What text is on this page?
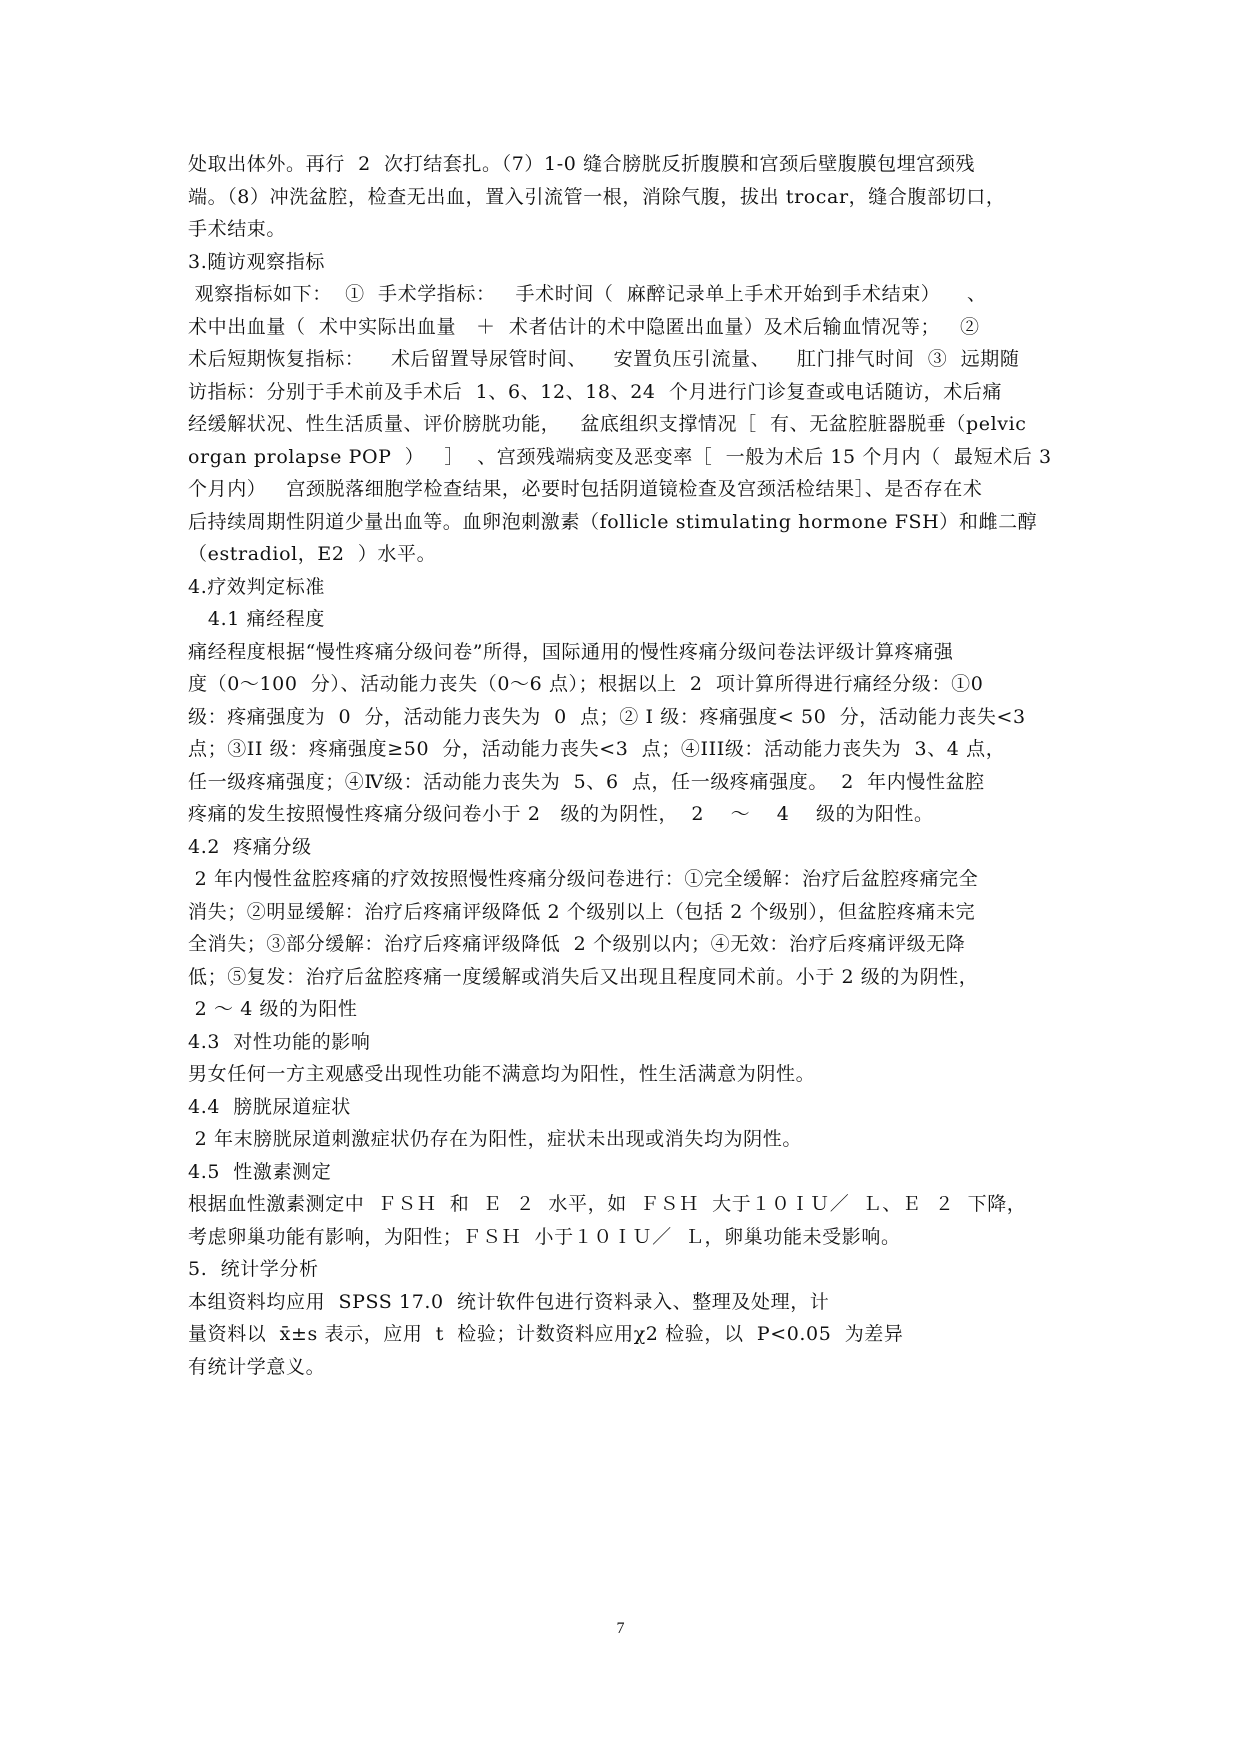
处取出体外。再行  2  次打结套扎。（7）1-0 缝合膀胱反折腹膜和宫颈后壁腹膜包埋宫颈残
端。（8）冲洗盆腔，检查无出血，置入引流管一根，消除气腹，拔出 trocar，缝合腹部切口，
手术结束。
3.随访观察指标
观察指标如下：  ①  手术学指标：   手术时间（  麻醉记录单上手术开始到手术结束）    、
术中出血量（  术中实际出血量   ＋  术者估计的术中隐匿出血量）及术后输血情况等；   ②
术后短期恢复指标：    术后留置导尿管时间、    安置负压引流量、    肛门排气时间  ③  远期随
访指标：分别于手术前及手术后  1、6、12、18、24  个月进行门诊复查或电话随访，术后痛
经缓解状况、性生活质量、评价膀胱功能，   盆底组织支撑情况［  有、无盆腔脏器脱垂（pelvic
organ prolapse POP  ）   ］  、宫颈残端病变及恶变率［  一般为术后 15 个月内（  最短术后 3
个月内）   宫颈脱落细胞学检查结果，必要时包括阴道镜检查及宫颈活检结果］、是否存在术
后持续周期性阴道少量出血等。血卵泡刺激素（follicle stimulating hormone FSH）和雌二醇
（estradiol，E2  ）水平。
4.疗效判定标准
4.1 痛经程度
痛经程度根据“慢性疼痛分级问卷”所得，国际通用的慢性疼痛分级问卷法评级计算疼痛强
度（0～100  分）、活动能力丧失（0～6 点）；根据以上  2  项计算所得进行痛经分级：①0
级：疼痛强度为  0  分，活动能力丧失为  0  点；② I 级：疼痛强度< 50  分，活动能力丧失<3
点；③II 级：疼痛强度≥50  分，活动能力丧失<3  点；④III级：活动能力丧失为  3、4 点，
任一级疼痛强度；④Ⅳ级：活动能力丧失为  5、6  点，任一级疼痛强度。  2  年内慢性盆腔
疼痛的发生按照慢性疼痛分级问卷小于 2   级的为阴性，  2    ～    4    级的为阳性。
4.2  疼痛分级
2 年内慢性盆腔疼痛的疗效按照慢性疼痛分级问卷进行：①完全缓解：治疗后盆腔疼痛完全
消失；②明显缓解：治疗后疼痛评级降低 2 个级别以上（包括 2 个级别），但盆腔疼痛未完
全消失；③部分缓解：治疗后疼痛评级降低  2 个级别以内；④无效：治疗后疼痛评级无降
低；⑤复发：治疗后盆腔疼痛一度缓解或消失后又出现且程度同术前。小于 2 级的为阴性，
2 ～ 4 级的为阳性
4.3  对性功能的影响
男女任何一方主观感受出现性功能不满意均为阳性，性生活满意为阴性。
4.4  膀胱尿道症状
2 年末膀胱尿道刺激症状仍存在为阳性，症状未出现或消失均为阴性。
4.5  性激素测定
根据血性激素测定中  ＦＳＨ  和  Ｅ  ２  水平，如  ＦＳＨ  大于１０ＩＵ／  Ｌ、Ｅ  ２  下降，
考虑卵巢功能有影响，为阳性；ＦＳＨ  小于１０ＩＵ／  Ｌ，卵巢功能未受影响。
5.  统计学分析
本组资料均应用  SPSS 17.0  统计软件包进行资料录入、整理及处理，计
量资料以  x̄±s 表示，应用  t  检验；计数资料应用χ2 检验，以  P<0.05  为差异
有统计学意义。
7
